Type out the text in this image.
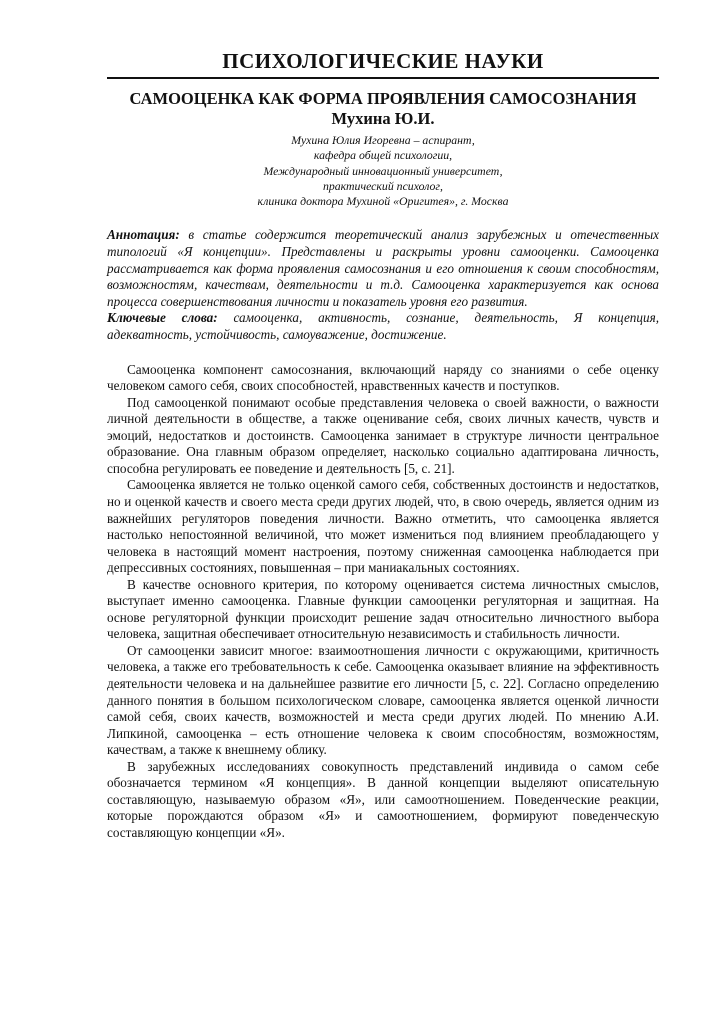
ПСИХОЛОГИЧЕСКИЕ НАУКИ
САМООЦЕНКА КАК ФОРМА ПРОЯВЛЕНИЯ САМОСОЗНАНИЯ
Мухина Ю.И.
Мухина Юлия Игоревна – аспирант,
кафедра общей психологии,
Международный инновационный университет,
практический психолог,
клиника доктора Мухиной «Оригитея», г. Москва
Аннотация: в статье содержится теоретический анализ зарубежных и отечественных типологий «Я концепции». Представлены и раскрыты уровни самооценки. Самооценка рассматривается как форма проявления самосознания и его отношения к своим способностям, возможностям, качествам, деятельности и т.д. Самооценка характеризуется как основа процесса совершенствования личности и показатель уровня его развития.
Ключевые слова: самооценка, активность, сознание, деятельность, Я концепция, адекватность, устойчивость, самоуважение, достижение.

Самооценка компонент самосознания, включающий наряду со знаниями о себе оценку человеком самого себя, своих способностей, нравственных качеств и поступков.

Под самооценкой понимают особые представления человека о своей важности, о важности личной деятельности в обществе, а также оценивание себя, своих личных качеств, чувств и эмоций, недостатков и достоинств. Самооценка занимает в структуре личности центральное образование. Она главным образом определяет, насколько социально адаптирована личность, способна регулировать ее поведение и деятельность [5, с. 21].

Самооценка является не только оценкой самого себя, собственных достоинств и недостатков, но и оценкой качеств и своего места среди других людей, что, в свою очередь, является одним из важнейших регуляторов поведения личности. Важно отметить, что самооценка является настолько непостоянной величиной, что может измениться под влиянием преобладающего у человека в настоящий момент настроения, поэтому сниженная самооценка наблюдается при депрессивных состояниях, повышенная – при маниакальных состояниях.

В качестве основного критерия, по которому оценивается система личностных смыслов, выступает именно самооценка. Главные функции самооценки регуляторная и защитная. На основе регуляторной функции происходит решение задач относительно личностного выбора человека, защитная обеспечивает относительную независимость и стабильность личности.

От самооценки зависит многое: взаимоотношения личности с окружающими, критичность человека, а также его требовательность к себе. Самооценка оказывает влияние на эффективность деятельности человека и на дальнейшее развитие его личности [5, с. 22]. Согласно определению данного понятия в большом психологическом словаре, самооценка является оценкой личности самой себя, своих качеств, возможностей и места среди других людей. По мнению А.И. Липкиной, самооценка – есть отношение человека к своим способностям, возможностям, качествам, а также к внешнему облику.

В зарубежных исследованиях совокупность представлений индивида о самом себе обозначается термином «Я концепция». В данной концепции выделяют описательную составляющую, называемую образом «Я», или самоотношением. Поведенческие реакции, которые порождаются образом «Я» и самоотношением, формируют поведенческую составляющую концепции «Я».
